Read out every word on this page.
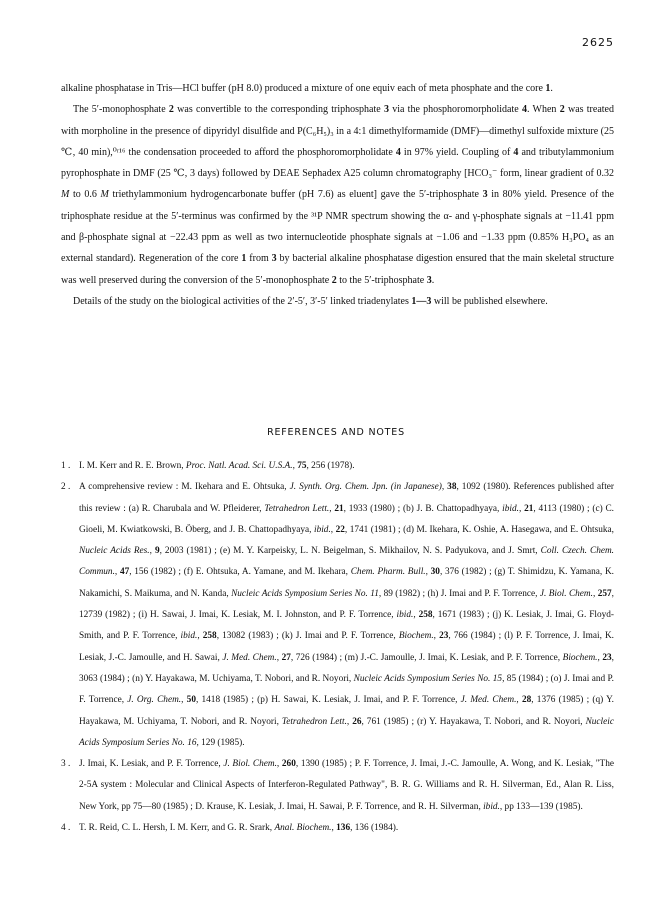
2625

alkaline phosphatase in Tris—HCl buffer (pH 8.0) produced a mixture of one equiv each of meta phosphate and the core 1.

The 5′-monophosphate 2 was convertible to the corresponding triphosphate 3 via the phosphoromorpholidate 4. When 2 was treated with morpholine in the presence of dipyridyl disulfide and P(C₆H₅)₃ in a 4:1 dimethylformamide (DMF)—dimethyl sulfoxide mixture (25 ℃, 40 min),⁰ʳ¹⁶ the condensation proceeded to afford the phosphoromorpholidate 4 in 97% yield. Coupling of 4 and tributylammonium pyrophosphate in DMF (25 ℃, 3 days) followed by DEAE Sephadex A25 column chromatography [HCO₃⁻ form, linear gradient of 0.32 M to 0.6 M triethylammonium hydrogencarbonate buffer (pH 7.6) as eluent] gave the 5′-triphosphate 3 in 80% yield. Presence of the triphosphate residue at the 5′-terminus was confirmed by the ³¹P NMR spectrum showing the α- and γ-phosphate signals at −11.41 ppm and β-phosphate signal at −22.43 ppm as well as two internucleotide phosphate signals at −1.06 and −1.33 ppm (0.85% H₃PO₄ as an external standard). Regeneration of the core 1 from 3 by bacterial alkaline phosphatase digestion ensured that the main skeletal structure was well preserved during the conversion of the 5′-monophosphate 2 to the 5′-triphosphate 3.

Details of the study on the biological activities of the 2′-5′, 3′-5′ linked triadenylates 1—3 will be published elsewhere.

REFERENCES AND NOTES
1 . I. M. Kerr and R. E. Brown, Proc. Natl. Acad. Sci. U.S.A., 75, 256 (1978).
2 . A comprehensive review : M. Ikehara and E. Ohtsuka, J. Synth. Org. Chem. Jpn. (in Japanese), 38, 1092 (1980). References published after this review : (a) R. Charubala and W. Pfleiderer, Tetrahedron Lett., 21, 1933 (1980) ; (b) J. B. Chattopadhyaya, ibid., 21, 4113 (1980) ; (c) C. Gioeli, M. Kwiatkowski, B. Öberg, and J. B. Chattopadhyaya, ibid., 22, 1741 (1981) ; (d) M. Ikehara, K. Oshie, A. Hasegawa, and E. Ohtsuka, Nucleic Acids Res., 9, 2003 (1981) ; (e) M. Y. Karpeisky, L. N. Beigelman, S. Mikhailov, N. S. Padyukova, and J. Smrt, Coll. Czech. Chem. Commun., 47, 156 (1982) ; (f) E. Ohtsuka, A. Yamane, and M. Ikehara, Chem. Pharm. Bull., 30, 376 (1982) ; (g) T. Shimidzu, K. Yamana, K. Nakamichi, S. Maikuma, and N. Kanda, Nucleic Acids Symposium Series No. 11, 89 (1982) ; (h) J. Imai and P. F. Torrence, J. Biol. Chem., 257, 12739 (1982) ; (i) H. Sawai, J. Imai, K. Lesiak, M. I. Johnston, and P. F. Torrence, ibid., 258, 1671 (1983) ; (j) K. Lesiak, J. Imai, G. Floyd-Smith, and P. F. Torrence, ibid., 258, 13082 (1983) ; (k) J. Imai and P. F. Torrence, Biochem., 23, 766 (1984) ; (l) P. F. Torrence, J. Imai, K. Lesiak, J.-C. Jamoulle, and H. Sawai, J. Med. Chem., 27, 726 (1984) ; (m) J.-C. Jamoulle, J. Imai, K. Lesiak, and P. F. Torrence, Biochem., 23, 3063 (1984) ; (n) Y. Hayakawa, M. Uchiyama, T. Nobori, and R. Noyori, Nucleic Acids Symposium Series No. 15, 85 (1984) ; (o) J. Imai and P. F. Torrence, J. Org. Chem., 50, 1418 (1985) ; (p) H. Sawai, K. Lesiak, J. Imai, and P. F. Torrence, J. Med. Chem., 28, 1376 (1985) ; (q) Y. Hayakawa, M. Uchiyama, T. Nobori, and R. Noyori, Tetrahedron Lett., 26, 761 (1985) ; (r) Y. Hayakawa, T. Nobori, and R. Noyori, Nucleic Acids Symposium Series No. 16, 129 (1985).
3 . J. Imai, K. Lesiak, and P. F. Torrence, J. Biol. Chem., 260, 1390 (1985) ; P. F. Torrence, J. Imai, J.-C. Jamoulle, A. Wong, and K. Lesiak, "The 2-5A system : Molecular and Clinical Aspects of Interferon-Regulated Pathway", B. R. G. Williams and R. H. Silverman, Ed., Alan R. Liss, New York, pp 75—80 (1985) ; D. Krause, K. Lesiak, J. Imai, H. Sawai, P. F. Torrence, and R. H. Silverman, ibid., pp 133—139 (1985).
4 . T. R. Reid, C. L. Hersh, I. M. Kerr, and G. R. Srark, Anal. Biochem., 136, 136 (1984).
